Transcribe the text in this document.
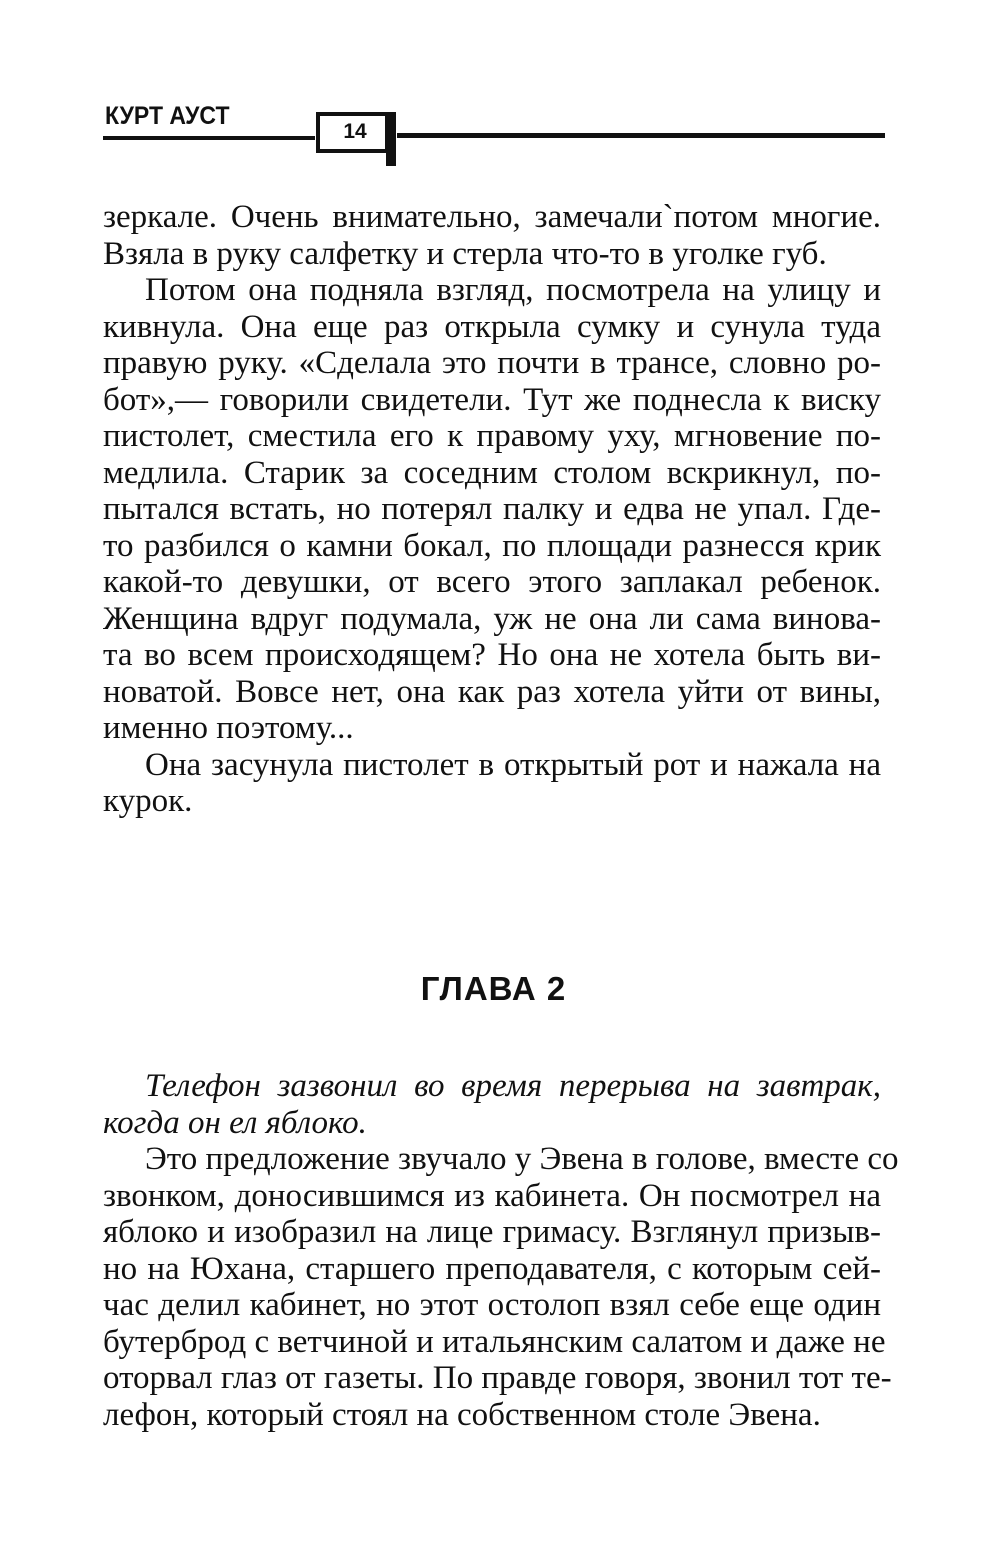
КУРТ АУСТ
14
зеркале. Очень внимательно, замечали`потом многие.
Взяла в руку салфетку и стерла что-то в уголке губ.
Потом она подняла взгляд, посмотрела на улицу и
кивнула. Она еще раз открыла сумку и сунула туда
правую руку. «Сделала это почти в трансе, словно ро-
бот»,— говорили свидетели. Тут же поднесла к виску
пистолет, сместила его к правому уху, мгновение по-
медлила. Старик за соседним столом вскрикнул, по-
пытался встать, но потерял палку и едва не упал. Где-
то разбился о камни бокал, по площади разнесся крик
какой-то девушки, от всего этого заплакал ребенок.
Женщина вдруг подумала, уж не она ли сама винова-
та во всем происходящем? Но она не хотела быть ви-
новатой. Вовсе нет, она как раз хотела уйти от вины,
именно поэтому...
Она засунула пистолет в открытый рот и нажала на
курок.
ГЛАВА 2
Телефон зазвонил во время перерыва на завтрак,
когда он ел яблоко.
Это предложение звучало у Эвена в голове, вместе со
звонком, доносившимся из кабинета. Он посмотрел на
яблоко и изобразил на лице гримасу. Взглянул призыв-
но на Юхана, старшего преподавателя, с которым сей-
час делил кабинет, но этот остолоп взял себе еще один
бутерброд с ветчиной и итальянским салатом и даже не
оторвал глаз от газеты. По правде говоря, звонил тот те-
лефон, который стоял на собственном столе Эвена.
